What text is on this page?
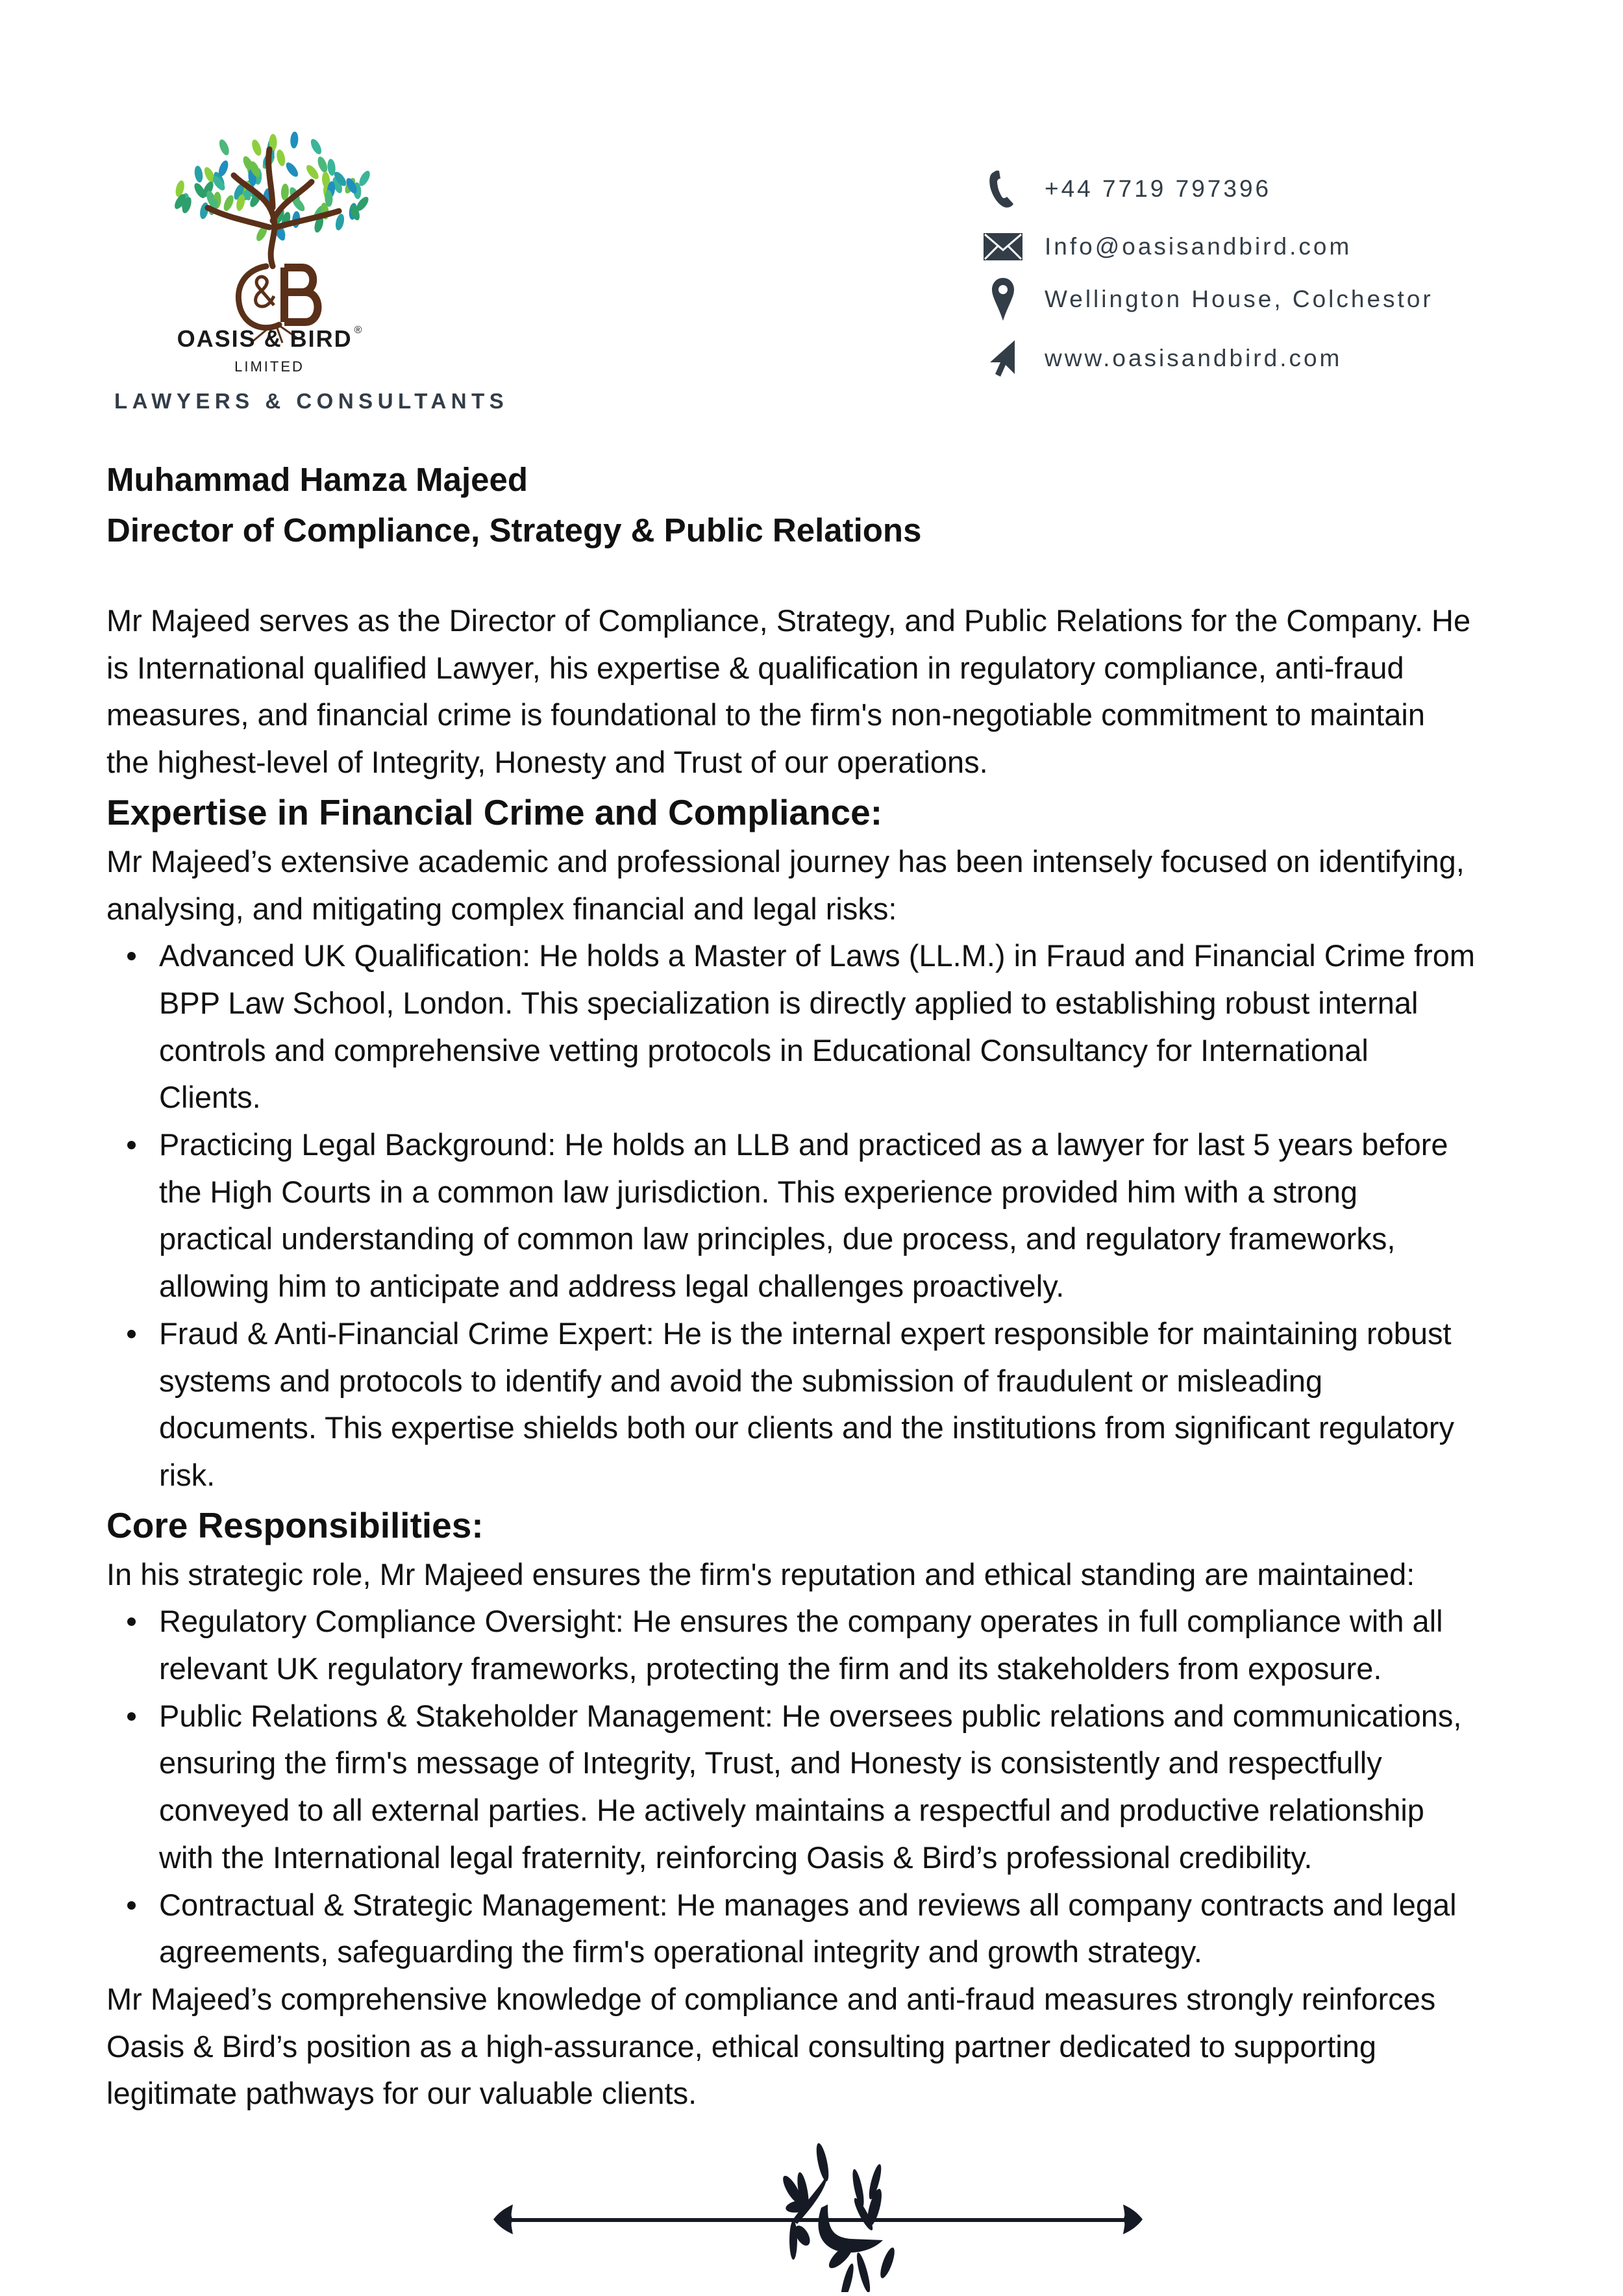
OASIS & BIRD ®
LIMITED
LAWYERS & CONSULTANTS
+44 7719 797396
Info@oasisandbird.com
Wellington House, Colchestor
www.oasisandbird.com
Muhammad Hamza Majeed
Director of Compliance, Strategy & Public Relations
Mr Majeed serves as the Director of Compliance, Strategy, and Public Relations for the Company. He
is International qualified Lawyer, his expertise & qualification in regulatory compliance, anti-fraud
measures, and financial crime is foundational to the firm's non-negotiable commitment to maintain
the highest-level of Integrity, Honesty and Trust of our operations.
Expertise in Financial Crime and Compliance:
Mr Majeed’s extensive academic and professional journey has been intensely focused on identifying,
analysing, and mitigating complex financial and legal risks:
Advanced UK Qualification: He holds a Master of Laws (LL.M.) in Fraud and Financial Crime from
BPP Law School, London. This specialization is directly applied to establishing robust internal
controls and comprehensive vetting protocols in Educational Consultancy for International
Clients.
Practicing Legal Background: He holds an LLB and practiced as a lawyer for last 5 years before
the High Courts in a common law jurisdiction. This experience provided him with a strong
practical understanding of common law principles, due process, and regulatory frameworks,
allowing him to anticipate and address legal challenges proactively.
Fraud & Anti-Financial Crime Expert: He is the internal expert responsible for maintaining robust
systems and protocols to identify and avoid the submission of fraudulent or misleading
documents. This expertise shields both our clients and the institutions from significant regulatory
risk.
Core Responsibilities:
In his strategic role, Mr Majeed ensures the firm's reputation and ethical standing are maintained:
Regulatory Compliance Oversight: He ensures the company operates in full compliance with all
relevant UK regulatory frameworks, protecting the firm and its stakeholders from exposure.
Public Relations & Stakeholder Management: He oversees public relations and communications,
ensuring the firm's message of Integrity, Trust, and Honesty is consistently and respectfully
conveyed to all external parties. He actively maintains a respectful and productive relationship
with the International legal fraternity, reinforcing Oasis & Bird’s professional credibility.
Contractual & Strategic Management: He manages and reviews all company contracts and legal
agreements, safeguarding the firm's operational integrity and growth strategy.
Mr Majeed’s comprehensive knowledge of compliance and anti-fraud measures strongly reinforces
Oasis & Bird’s position as a high-assurance, ethical consulting partner dedicated to supporting
legitimate pathways for our valuable clients.
